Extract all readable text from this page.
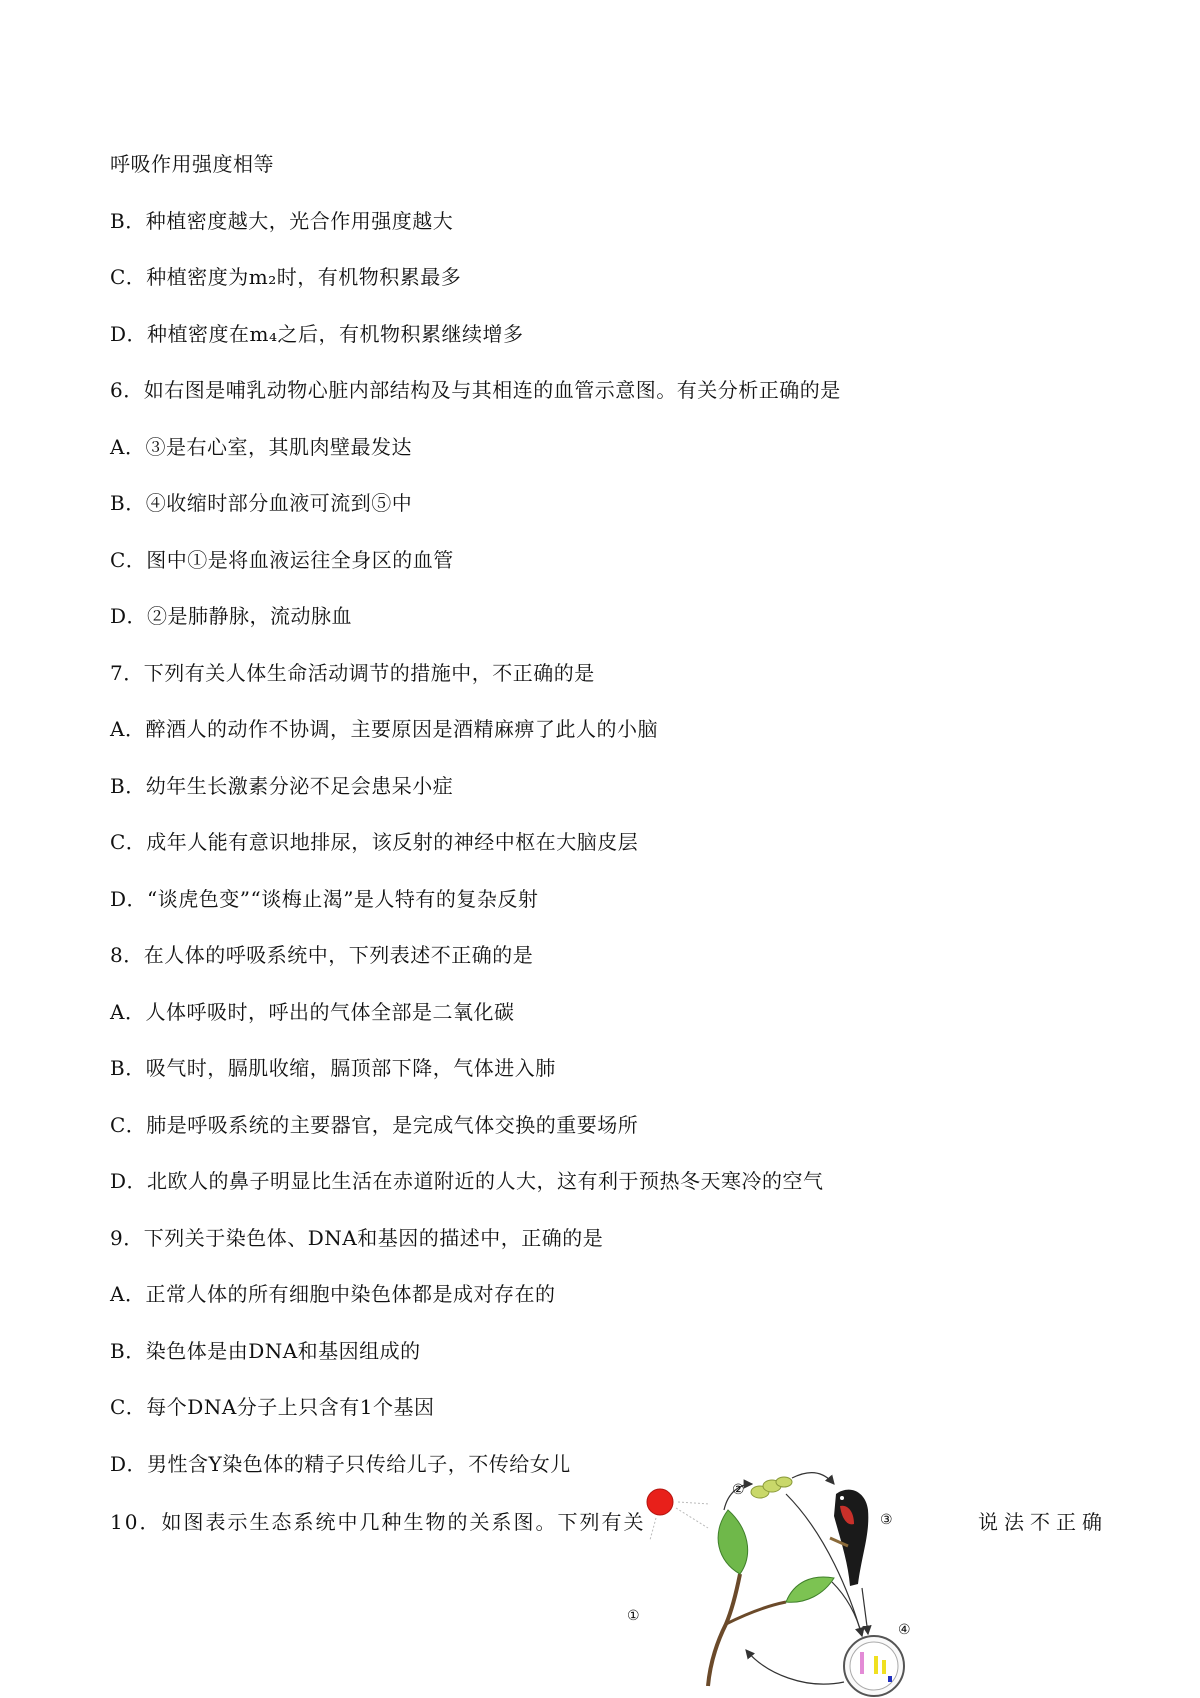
呼吸作用强度相等
B．种植密度越大，光合作用强度越大
C．种植密度为m₂时，有机物积累最多
D．种植密度在m₄之后，有机物积累继续增多
6．如右图是哺乳动物心脏内部结构及与其相连的血管示意图。有关分析正确的是
A．③是右心室，其肌肉壁最发达
B．④收缩时部分血液可流到⑤中
C．图中①是将血液运往全身区的血管
D．②是肺静脉，流动脉血
7．下列有关人体生命活动调节的措施中，不正确的是
A．醉酒人的动作不协调，主要原因是酒精麻痹了此人的小脑
B．幼年生长激素分泌不足会患呆小症
C．成年人能有意识地排尿，该反射的神经中枢在大脑皮层
D．“谈虎色变”“谈梅止渴”是人特有的复杂反射
8．在人体的呼吸系统中，下列表述不正确的是
A．人体呼吸时，呼出的气体全部是二氧化碳
B．吸气时，膈肌收缩，膈顶部下降，气体进入肺
C．肺是呼吸系统的主要器官，是完成气体交换的重要场所
D．北欧人的鼻子明显比生活在赤道附近的人大，这有利于预热冬天寒冷的空气
9．下列关于染色体、DNA和基因的描述中，正确的是
A．正常人体的所有细胞中染色体都是成对存在的
B．染色体是由DNA和基因组成的
C．每个DNA分子上只含有1个基因
D．男性含Y染色体的精子只传给儿子，不传给女儿
10．如图表示生态系统中几种生物的关系图。下列有关	说法不正确
①
②
③
④
